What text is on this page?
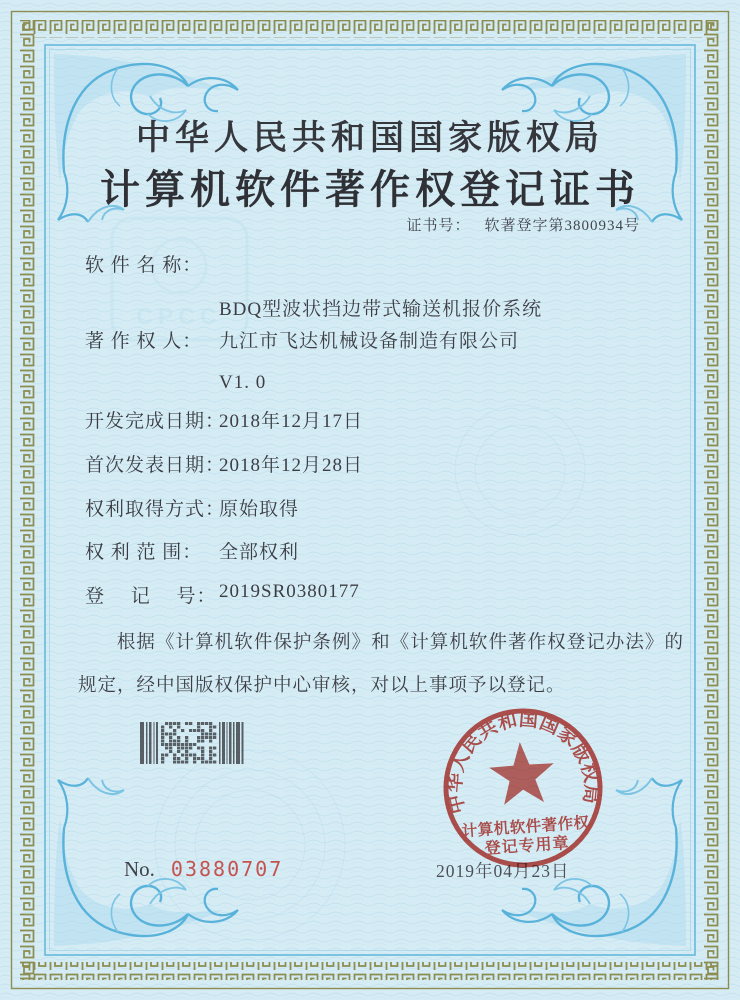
CPCC
中华人民共和国国家版权局
计算机软件著作权登记证书
证书号： 软著登字第3800934号
软 件 名 称：

BDQ型波状挡边带式输送机报价系统

V1. 0

著 作 权 人： 九江市飞达机械设备制造有限公司
开发完成日期：
2018年12月17日
首次发表日期：
2018年12月28日
权利取得方式：
原始取得
权 利 范 围： 全部权利
登　 记　 号： 2019SR0380177

根据《计算机软件保护条例》和《计算机软件著作权登记办法》的规定，经中国版权保护中心审核，对以上事项予以登记。

No. 03880707	2019年04月23日
中华人民共和国国家版权局
计算机软件著作权
登记专用章
